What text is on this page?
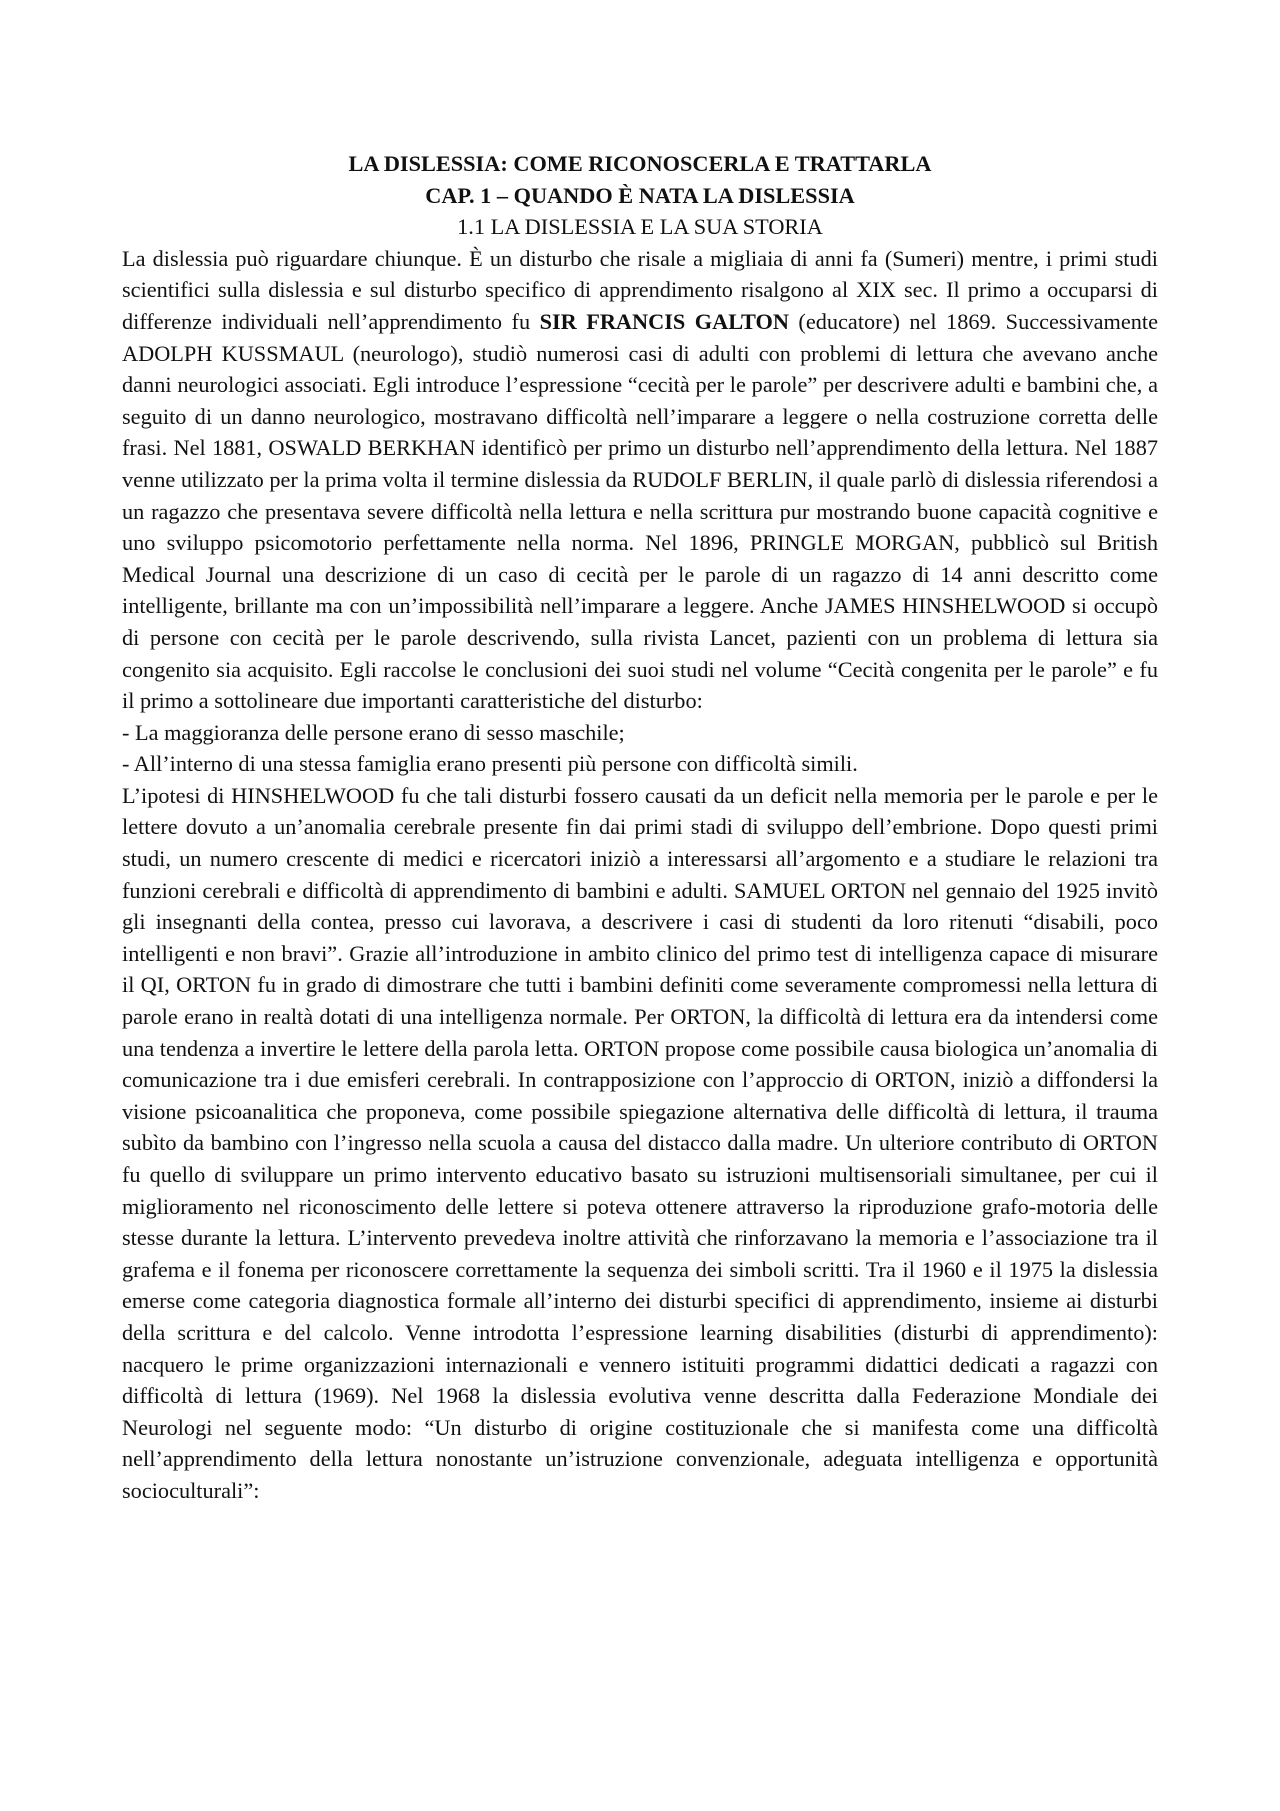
LA DISLESSIA: COME RICONOSCERLA E TRATTARLA

CAP. 1 – QUANDO È NATA LA DISLESSIA

1.1 LA DISLESSIA E LA SUA STORIA

La dislessia può riguardare chiunque. È un disturbo che risale a migliaia di anni fa (Sumeri) mentre, i primi studi scientifici sulla dislessia e sul disturbo specifico di apprendimento risalgono al XIX sec. Il primo a occuparsi di differenze individuali nell’apprendimento fu SIR FRANCIS GALTON (educatore) nel 1869. Successivamente ADOLPH KUSSMAUL (neurologo), studiò numerosi casi di adulti con problemi di lettura che avevano anche danni neurologici associati. Egli introduce l’espressione “cecità per le parole” per descrivere adulti e bambini che, a seguito di un danno neurologico, mostravano difficoltà nell’imparare a leggere o nella costruzione corretta delle frasi. Nel 1881, OSWALD BERKHAN identificò per primo un disturbo nell’apprendimento della lettura. Nel 1887 venne utilizzato per la prima volta il termine dislessia da RUDOLF BERLIN, il quale parlò di dislessia riferendosi a un ragazzo che presentava severe difficoltà nella lettura e nella scrittura pur mostrando buone capacità cognitive e uno sviluppo psicomotorio perfettamente nella norma. Nel 1896, PRINGLE MORGAN, pubblicò sul British Medical Journal una descrizione di un caso di cecità per le parole di un ragazzo di 14 anni descritto come intelligente, brillante ma con un’impossibilità nell’imparare a leggere. Anche JAMES HINSHELWOOD si occupò di persone con cecità per le parole descrivendo, sulla rivista Lancet, pazienti con un problema di lettura sia congenito sia acquisito. Egli raccolse le conclusioni dei suoi studi nel volume “Cecità congenita per le parole” e fu il primo a sottolineare due importanti caratteristiche del disturbo:

- La maggioranza delle persone erano di sesso maschile;

- All’interno di una stessa famiglia erano presenti più persone con difficoltà simili.

L’ipotesi di HINSHELWOOD fu che tali disturbi fossero causati da un deficit nella memoria per le parole e per le lettere dovuto a un’anomalia cerebrale presente fin dai primi stadi di sviluppo dell’embrione. Dopo questi primi studi, un numero crescente di medici e ricercatori iniziò a interessarsi all’argomento e a studiare le relazioni tra funzioni cerebrali e difficoltà di apprendimento di bambini e adulti. SAMUEL ORTON nel gennaio del 1925 invitò gli insegnanti della contea, presso cui lavorava, a descrivere i casi di studenti da loro ritenuti “disabili, poco intelligenti e non bravi”. Grazie all’introduzione in ambito clinico del primo test di intelligenza capace di misurare il QI, ORTON fu in grado di dimostrare che tutti i bambini definiti come severamente compromessi nella lettura di parole erano in realtà dotati di una intelligenza normale. Per ORTON, la difficoltà di lettura era da intendersi come una tendenza a invertire le lettere della parola letta. ORTON propose come possibile causa biologica un’anomalia di comunicazione tra i due emisferi cerebrali. In contrapposizione con l’approccio di ORTON, iniziò a diffondersi la visione psicoanalitica che proponeva, come possibile spiegazione alternativa delle difficoltà di lettura, il trauma subìto da bambino con l’ingresso nella scuola a causa del distacco dalla madre. Un ulteriore contributo di ORTON fu quello di sviluppare un primo intervento educativo basato su istruzioni multisensoriali simultanee, per cui il miglioramento nel riconoscimento delle lettere si poteva ottenere attraverso la riproduzione grafo-motoria delle stesse durante la lettura. L’intervento prevedeva inoltre attività che rinforzavano la memoria e l’associazione tra il grafema e il fonema per riconoscere correttamente la sequenza dei simboli scritti. Tra il 1960 e il 1975 la dislessia emerse come categoria diagnostica formale all’interno dei disturbi specifici di apprendimento, insieme ai disturbi della scrittura e del calcolo. Venne introdotta l’espressione learning disabilities (disturbi di apprendimento): nacquero le prime organizzazioni internazionali e vennero istituiti programmi didattici dedicati a ragazzi con difficoltà di lettura (1969). Nel 1968 la dislessia evolutiva venne descritta dalla Federazione Mondiale dei Neurologi nel seguente modo: “Un disturbo di origine costituzionale che si manifesta come una difficoltà nell’apprendimento della lettura nonostante un’istruzione convenzionale, adeguata intelligenza e opportunità socioculturali”:
